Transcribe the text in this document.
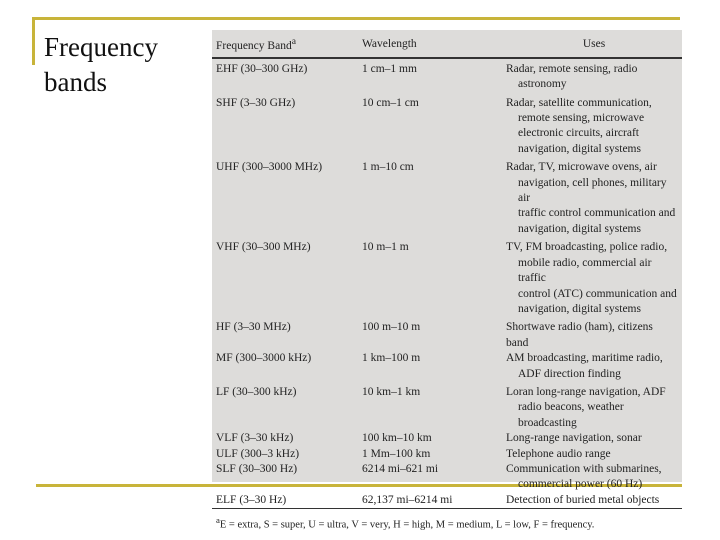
Frequency bands
Frequency Band$^a$	Wavelength	Uses
EHF (30–300 GHz)	1 cm–1 mm	Radar, remote sensing, radio
astronomy

SHF (3–30 GHz)	10 cm–1 cm	Radar, satellite communication,
remote sensing, microwave
electronic circuits, aircraft
navigation, digital systems

UHF (300–3000 MHz)	1 m–10 cm	Radar, TV, microwave ovens, air
navigation, cell phones, military air
traffic control communication and
navigation, digital systems

VHF (30–300 MHz)	10 m–1 m	TV, FM broadcasting, police radio,
mobile radio, commercial air traffic
control (ATC) communication and
navigation, digital systems

HF (3–30 MHz)	100 m–10 m	Shortwave radio (ham), citizens band

MF (300–3000 kHz)	1 km–100 m	AM broadcasting, maritime radio,
ADF direction finding

LF (30–300 kHz)	10 km–1 km	Loran long-range navigation, ADF
radio beacons, weather
broadcasting

VLF (3–30 kHz)	100 km–10 km	Long-range navigation, sonar

ULF (300–3 kHz)	1 Mm–100 km	Telephone audio range

SLF (30–300 Hz)	6214 mi–621 mi	Communication with submarines,
commercial power (60 Hz)

ELF (3–30 Hz)	62,137 mi–6214 mi	Detection of buried metal objects

$^a$E = extra, S = super, U = ultra, V = very, H = high, M = medium, L = low, F = frequency.		
